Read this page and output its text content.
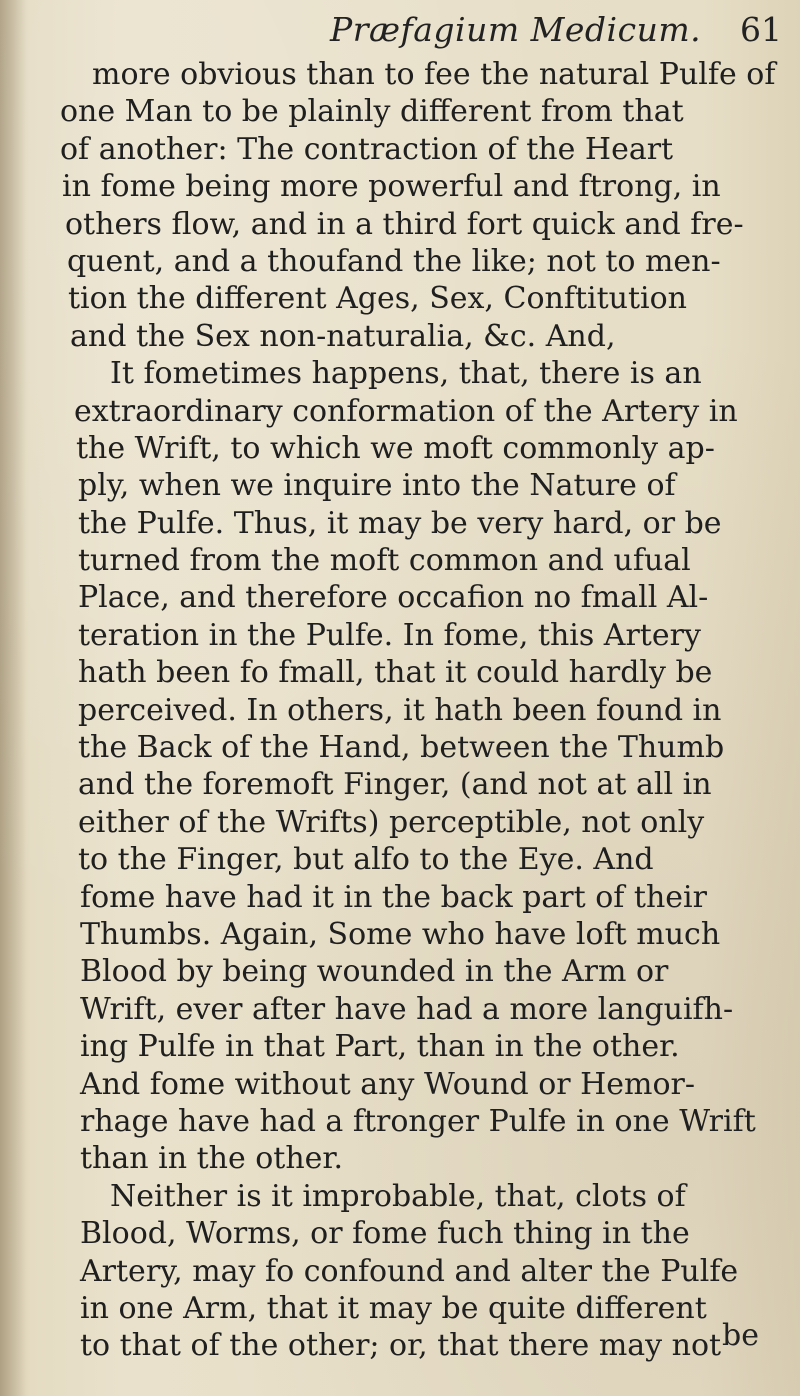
Præfagium Medicum. 61
more obvious than to fee the natural Pulfe of
one Man to be plainly different from that
of another: The contraction of the Heart
in fome being more powerful and ftrong, in
others flow, and in a third fort quick and fre-
quent, and a thoufand the like; not to men-
tion the different Ages, Sex, Conftitution
and the Sex non-naturalia, &c. And,
It fometimes happens, that, there is an
extraordinary conformation of the Artery in
the Wrift, to which we moft commonly ap-
ply, when we inquire into the Nature of
the Pulfe. Thus, it may be very hard, or be
turned from the moft common and ufual
Place, and therefore occafion no fmall Al-
teration in the Pulfe. In fome, this Artery
hath been fo fmall, that it could hardly be
perceived. In others, it hath been found in
the Back of the Hand, between the Thumb
and the foremoft Finger, (and not at all in
either of the Wrifts) perceptible, not only
to the Finger, but alfo to the Eye. And
fome have had it in the back part of their
Thumbs. Again, Some who have loft much
Blood by being wounded in the Arm or
Wrift, ever after have had a more languifh-
ing Pulfe in that Part, than in the other.
And fome without any Wound or Hemor-
rhage have had a ftronger Pulfe in one Wrift
than in the other.
Neither is it improbable, that, clots of
Blood, Worms, or fome fuch thing in the
Artery, may fo confound and alter the Pulfe
in one Arm, that it may be quite different
to that of the other; or, that there may not be
